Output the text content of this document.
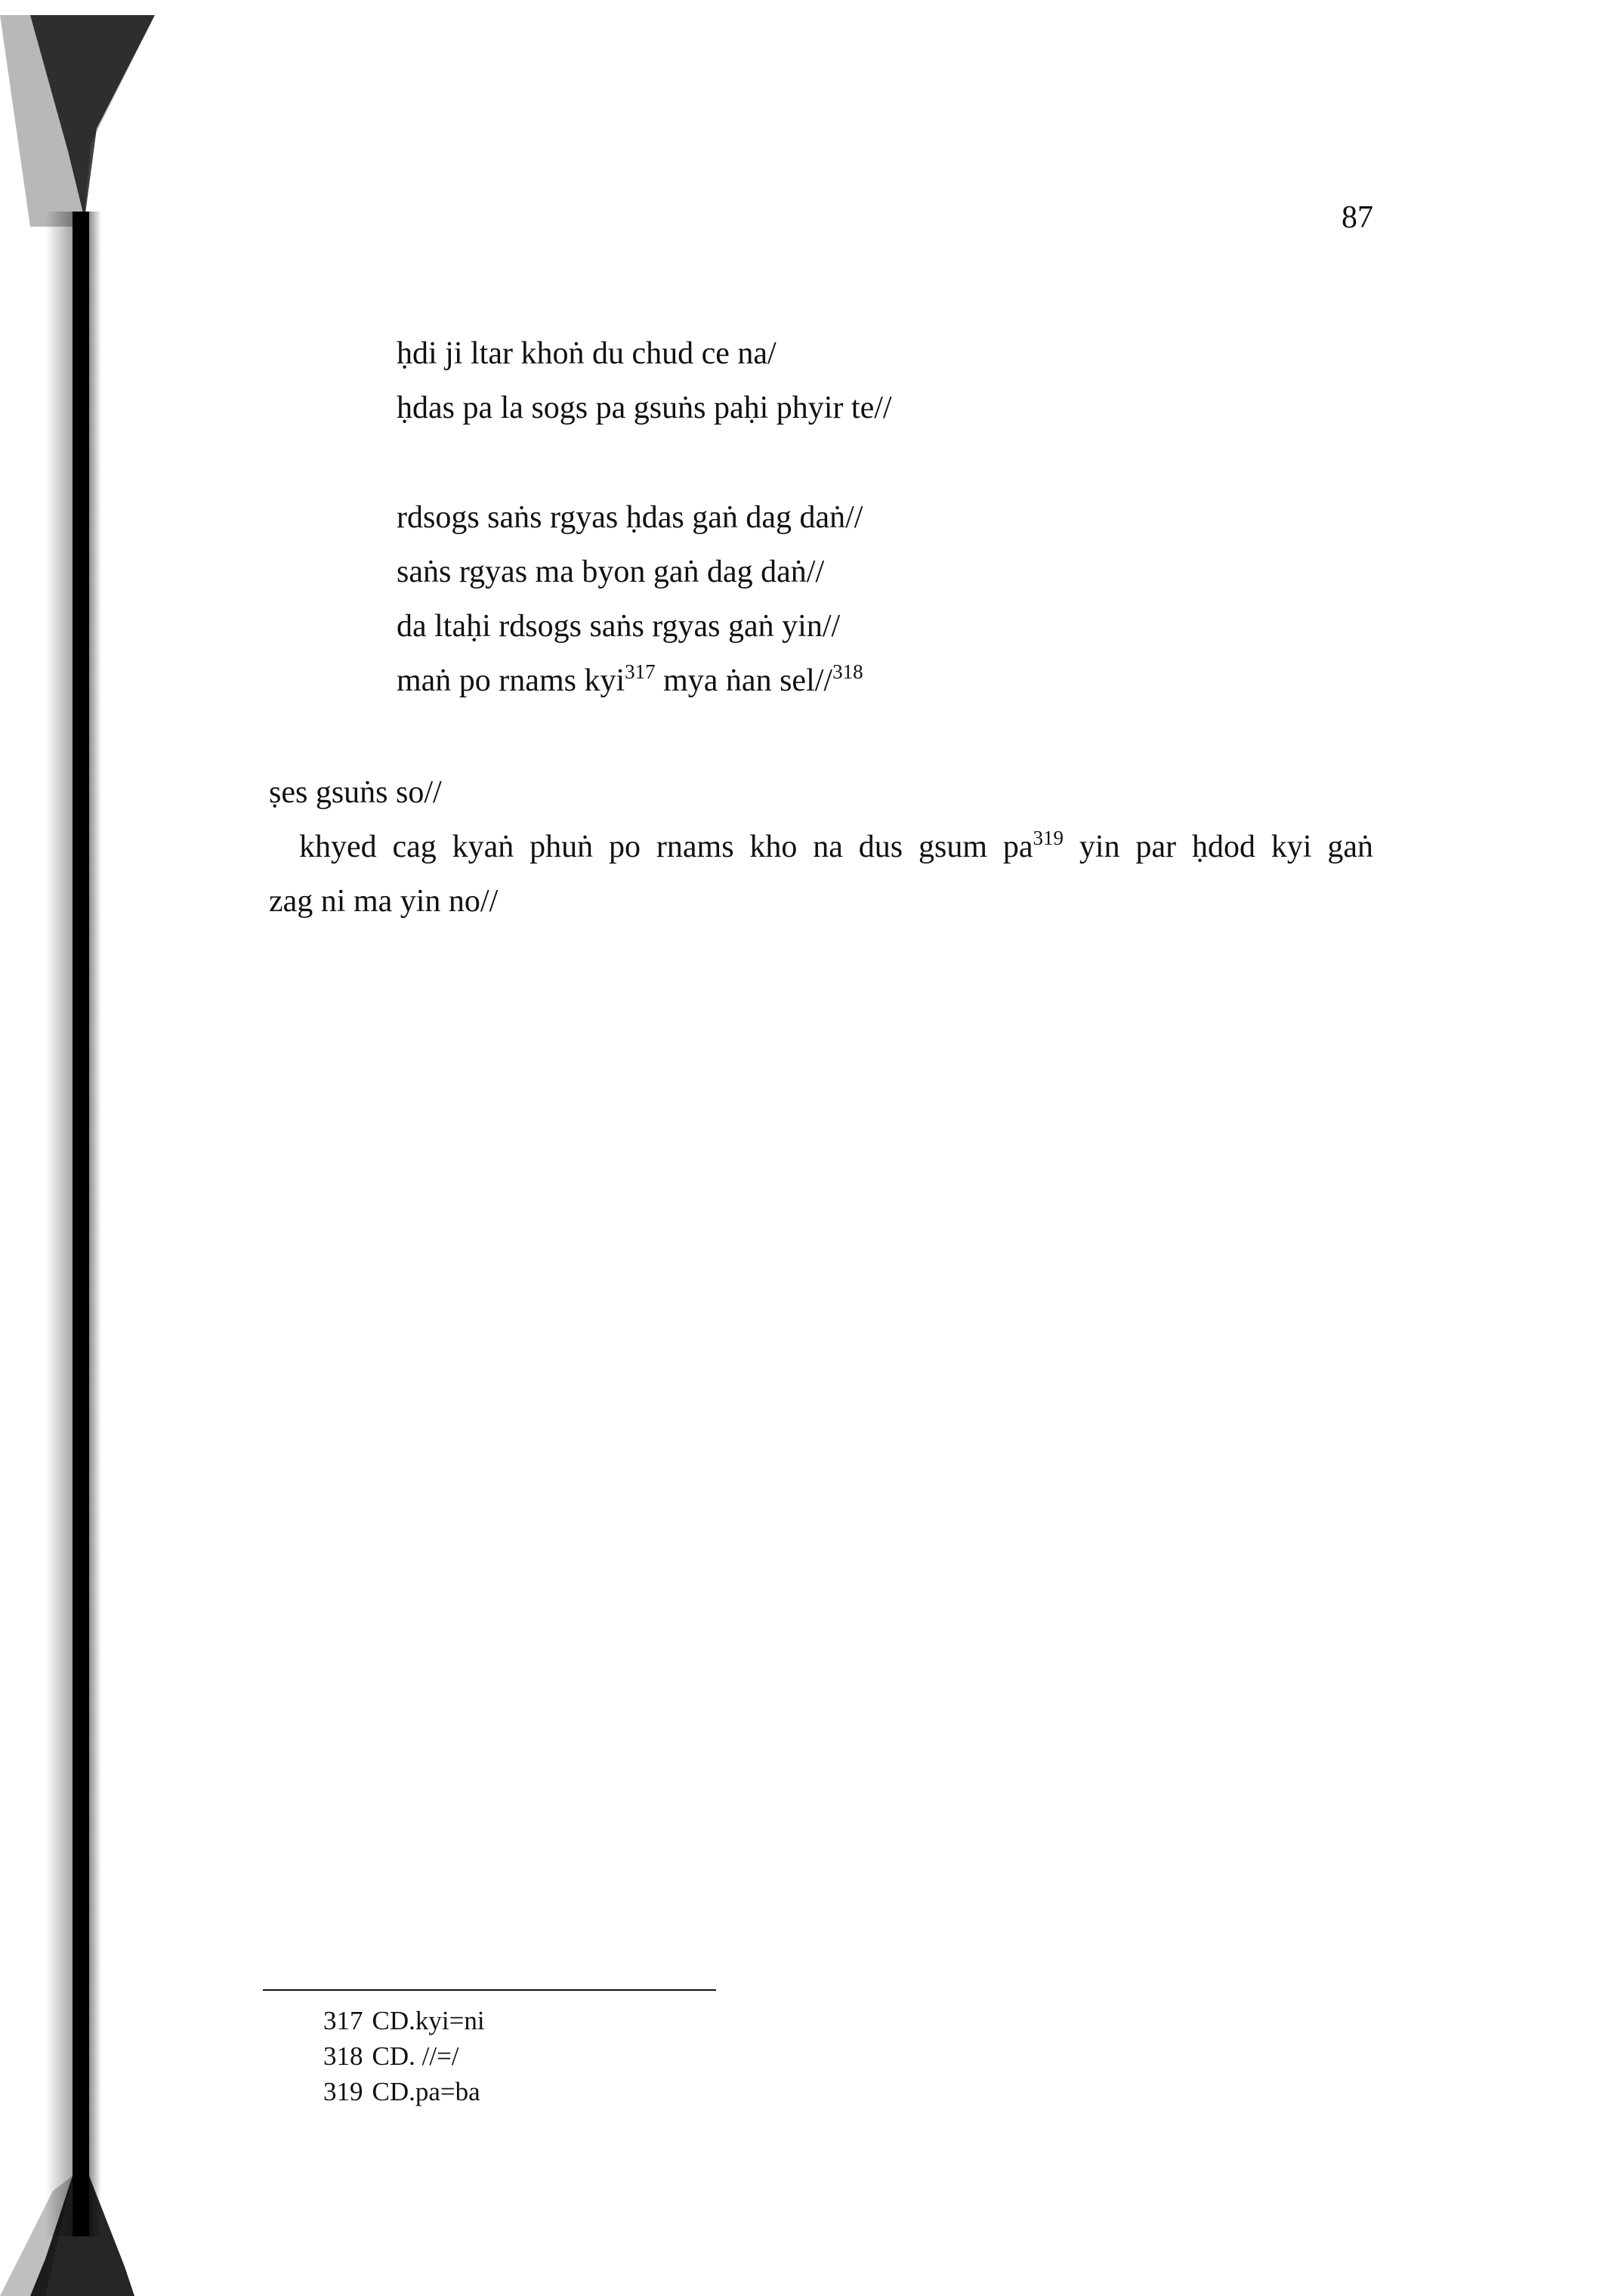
87
ḥdi ji ltar khoṅ du chud ce na/
ḥdas pa la sogs pa gsuṅs paḥi phyir te//
rdsogs saṅs rgyas ḥdas gaṅ dag daṅ//
saṅs rgyas ma byon gaṅ dag daṅ//
da ltaḥi rdsogs saṅs rgyas gaṅ yin//
maṅ po rnams kyi$^{317}$ mya ṅan sel//$^{318}$
ṣes gsuṅs so//
khyed cag kyaṅ phuṅ po rnams kho na dus gsum $pa^{319}$ yin par ḥdod kyi gaṅ
zag ni ma yin no//
317 CD.kyi=ni
318 CD. //=/
319 CD.pa=ba
